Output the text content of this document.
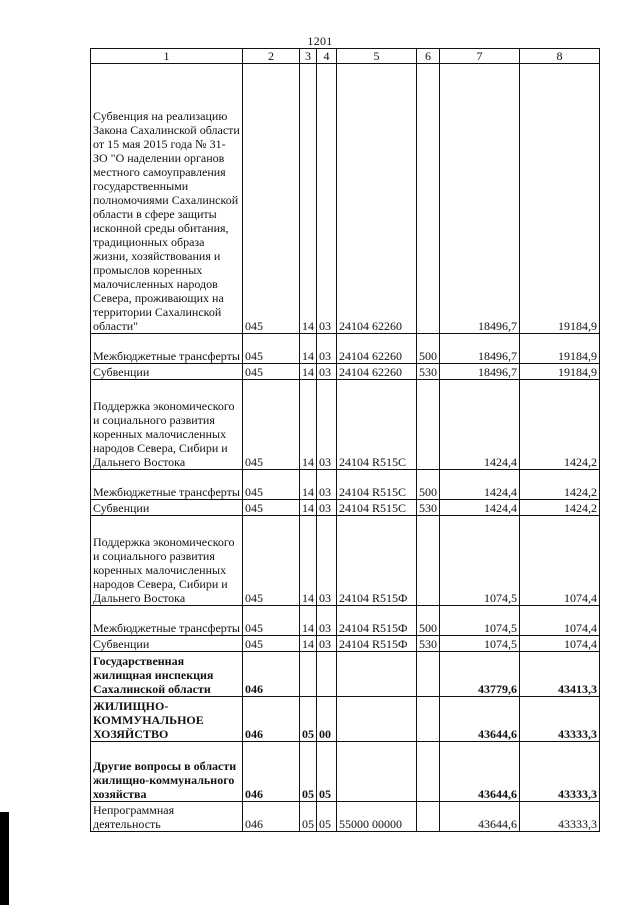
1201
1	2	3	4	5	6	7	8
Субвенция на реализацию Закона Сахалинской области от 15 мая 2015 года № 31-ЗО "О наделении органов местного самоуправления государственными полномочиями Сахалинской области в сфере защиты исконной среды обитания, традиционных образа жизни, хозяйствования и промыслов коренных малочисленных народов Севера, проживающих на территории Сахалинской области"	045	14	03	24104 62260		18496,7	19184,9
Межбюджетные трансферты	045	14	03	24104 62260	500	18496,7	19184,9
Субвенции	045	14	03	24104 62260	530	18496,7	19184,9
Поддержка экономического и социального развития коренных малочисленных народов Севера, Сибири и Дальнего Востока	045	14	03	24104 R515C		1424,4	1424,2
Межбюджетные трансферты	045	14	03	24104 R515C	500	1424,4	1424,2
Субвенции	045	14	03	24104 R515C	530	1424,4	1424,2
Поддержка экономического и социального развития коренных малочисленных народов Севера, Сибири и Дальнего Востока	045	14	03	24104 R515Ф		1074,5	1074,4
Межбюджетные трансферты	045	14	03	24104 R515Ф	500	1074,5	1074,4
Субвенции	045	14	03	24104 R515Ф	530	1074,5	1074,4
Государственная жилищная инспекция Сахалинской области	046					43779,6	43413,3
ЖИЛИЩНО-КОММУНАЛЬНОЕ ХОЗЯЙСТВО	046	05	00			43644,6	43333,3
Другие вопросы в области жилищно-коммунального хозяйства	046	05	05			43644,6	43333,3
Непрограммная деятельность	046	05	05	55000 00000		43644,6	43333,3
